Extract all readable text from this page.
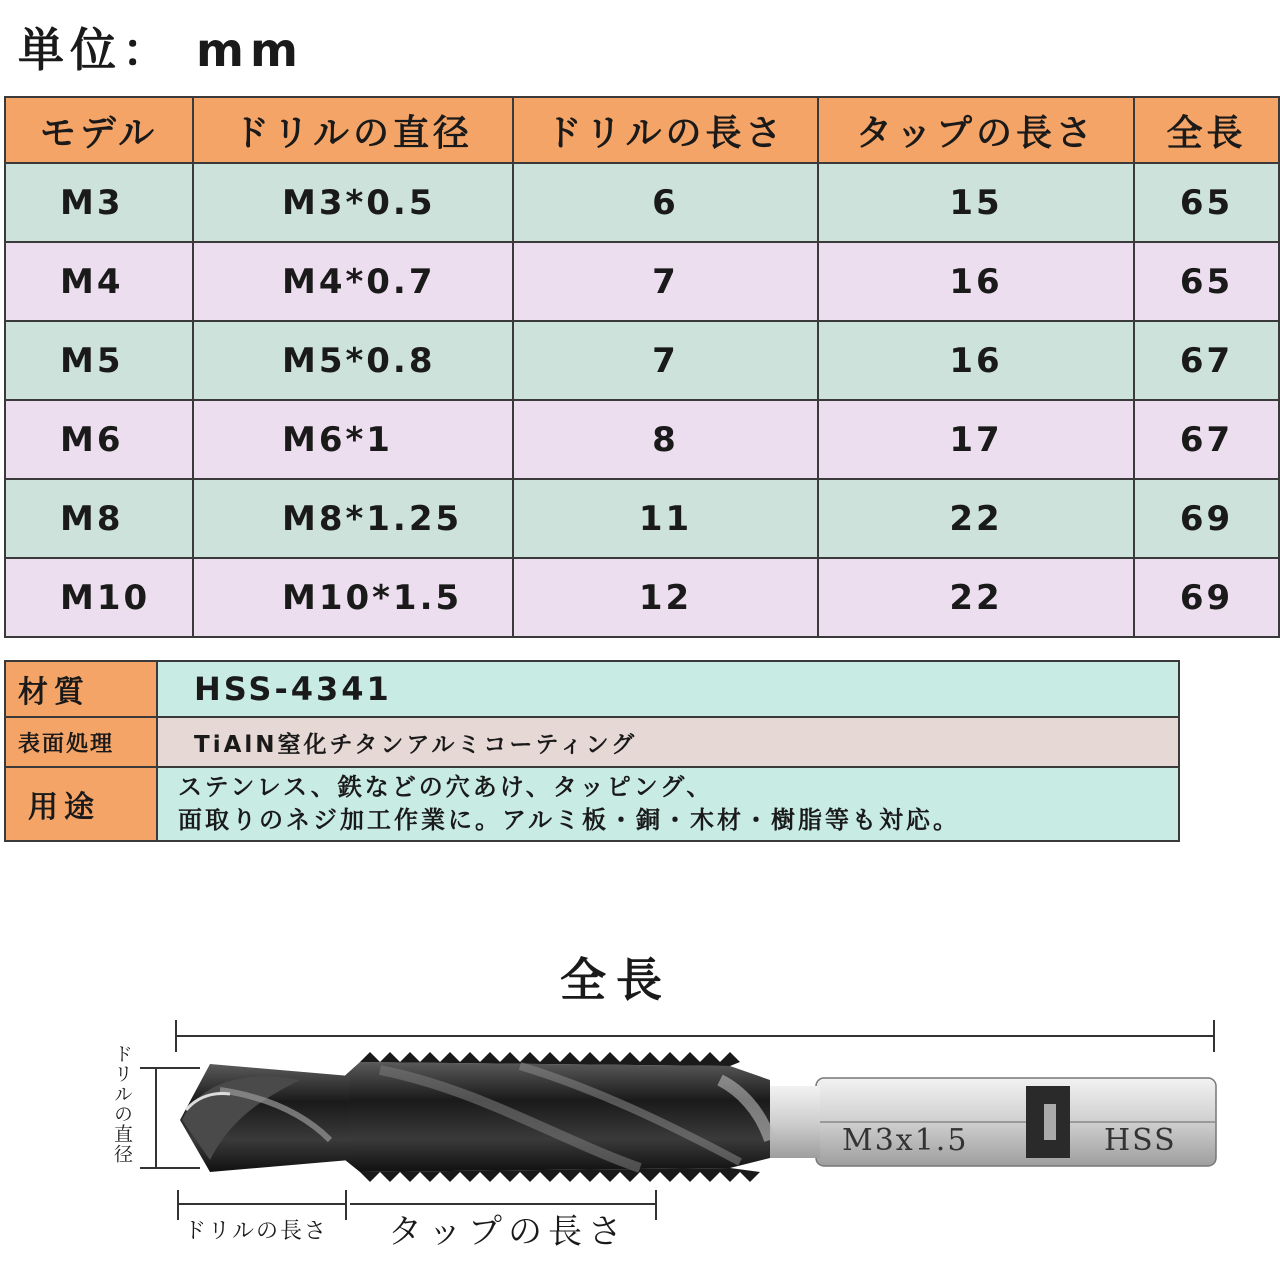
単位： mm
モデル	ドリルの直径	ドリルの長さ	タップの長さ	全長
M3	M3*0.5	6	15	65
M4	M4*0.7	7	16	65
M5	M5*0.8	7	16	67
M6	M6*1	8	17	67
M8	M8*1.25	11	22	69
M10	M10*1.5	12	22	69
材質	HSS-4341
表面処理	TiAlN窒化チタンアルミコーティング
用途	ステンレス、鉄などの穴あけ、タッピング、
面取りのネジ加工作業に。アルミ板・銅・木材・樹脂等も対応。
全長
ドリルの直径	M3x1.5	HSS
ドリルの長さ タップの長さ
